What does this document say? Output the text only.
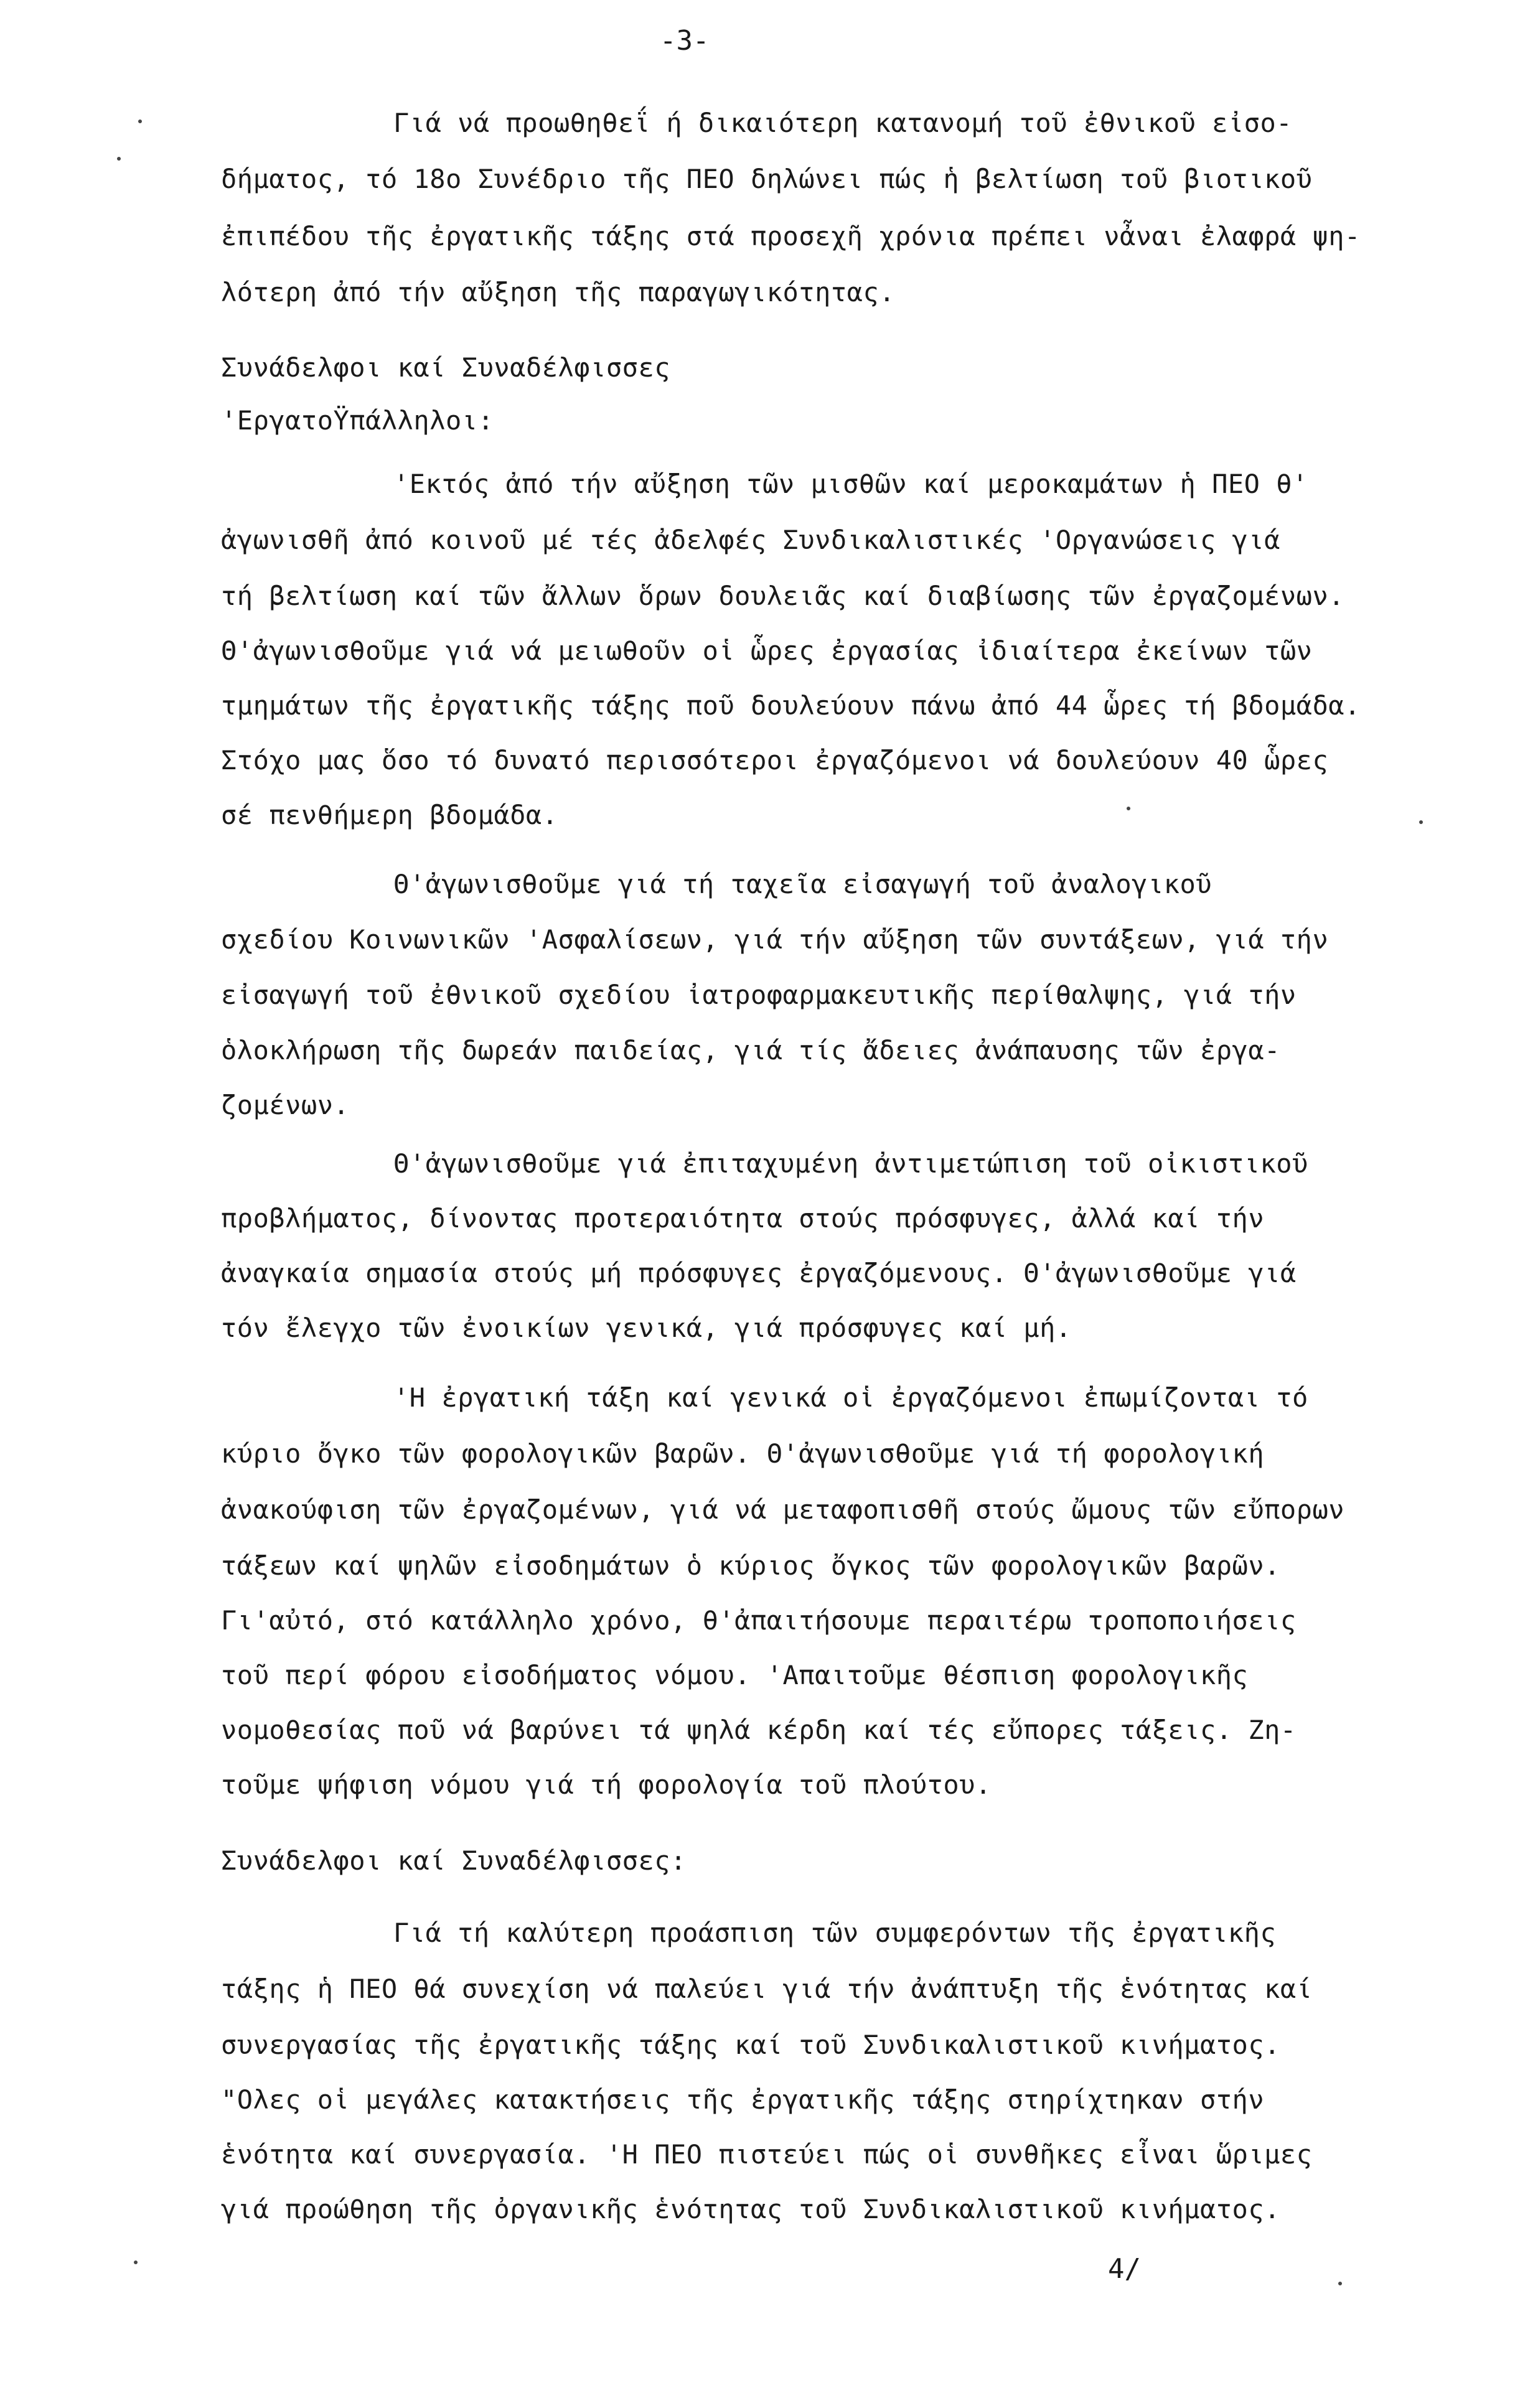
-3-
Γιά νά προωθηθεΐ ή δικαιότερη κατανομή τοῦ ἐθνικοῦ εἰσο-
δήματος, τό 18ο Συνέδριο τῆς ΠΕΟ δηλώνει πώς ἡ βελτίωση τοῦ βιοτικοῦ
ἐπιπέδου τῆς ἐργατικῆς τάξης στά προσεχῆ χρόνια πρέπει νἆναι ἐλαφρά ψη-
λότερη ἀπό τήν αὔξηση τῆς παραγωγικότητας.
Συνάδελφοι καί Συναδέλφισσες
'ΕργατοΫπάλληλοι:
'Εκτός ἀπό τήν αὔξηση τῶν μισθῶν καί μεροκαμάτων ἡ ΠΕΟ θ'
ἀγωνισθῆ ἀπό κοινοῦ μέ τές ἀδελφές Συνδικαλιστικές 'Οργανώσεις γιά
τή βελτίωση καί τῶν ἄλλων ὅρων δουλειᾶς καί διαβίωσης τῶν ἐργαζομένων.
Θ'ἀγωνισθοῦμε γιά νά μειωθοῦν οἱ ὧρες ἐργασίας ἰδιαίτερα ἐκείνων τῶν
τμημάτων τῆς ἐργατικῆς τάξης ποῦ δουλεύουν πάνω ἀπό 44 ὧρες τή βδομάδα.
Στόχο μας ὅσο τό δυνατό περισσότεροι ἐργαζόμενοι νά δουλεύουν 40 ὧρες
σέ πενθήμερη βδομάδα.
Θ'ἀγωνισθοῦμε γιά τή ταχεῖα εἰσαγωγή τοῦ ἀναλογικοῦ
σχεδίου Κοινωνικῶν 'Ασφαλίσεων, γιά τήν αὔξηση τῶν συντάξεων, γιά τήν
εἰσαγωγή τοῦ ἐθνικοῦ σχεδίου ἰατροφαρμακευτικῆς περίθαλψης, γιά τήν
ὁλοκλήρωση τῆς δωρεάν παιδείας, γιά τίς ἄδειες ἀνάπαυσης τῶν ἐργα-
ζομένων.
Θ'ἀγωνισθοῦμε γιά ἐπιταχυμένη ἀντιμετώπιση τοῦ οἰκιστικοῦ
προβλήματος, δίνοντας προτεραιότητα στούς πρόσφυγες, ἀλλά καί τήν
ἀναγκαία σημασία στούς μή πρόσφυγες ἐργαζόμενους. Θ'ἀγωνισθοῦμε γιά
τόν ἔλεγχο τῶν ἐνοικίων γενικά, γιά πρόσφυγες καί μή.
'Η ἐργατική τάξη καί γενικά οἱ ἐργαζόμενοι ἐπωμίζονται τό
κύριο ὄγκο τῶν φορολογικῶν βαρῶν. Θ'ἀγωνισθοῦμε γιά τή φορολογική
ἀνακούφιση τῶν ἐργαζομένων, γιά νά μεταφοπισθῆ στούς ὤμους τῶν εὔπορων
τάξεων καί ψηλῶν εἰσοδημάτων ὁ κύριος ὄγκος τῶν φορολογικῶν βαρῶν.
Γι'αὐτό, στό κατάλληλο χρόνο, θ'ἀπαιτήσουμε περαιτέρω τροποποιήσεις
τοῦ περί φόρου εἰσοδήματος νόμου. 'Απαιτοῦμε θέσπιση φορολογικῆς
νομοθεσίας ποῦ νά βαρύνει τά ψηλά κέρδη καί τές εὔπορες τάξεις. Ζη-
τοῦμε ψήφιση νόμου γιά τή φορολογία τοῦ πλούτου.
Συνάδελφοι καί Συναδέλφισσες:
Γιά τή καλύτερη προάσπιση τῶν συμφερόντων τῆς ἐργατικῆς
τάξης ἡ ΠΕΟ θά συνεχίση νά παλεύει γιά τήν ἀνάπτυξη τῆς ἑνότητας καί
συνεργασίας τῆς ἐργατικῆς τάξης καί τοῦ Συνδικαλιστικοῦ κινήματος.
"Ολες οἱ μεγάλες κατακτήσεις τῆς ἐργατικῆς τάξης στηρίχτηκαν στήν
ἑνότητα καί συνεργασία. 'Η ΠΕΟ πιστεύει πώς οἱ συνθῆκες εἶναι ὥριμες
γιά προώθηση τῆς ὀργανικῆς ἑνότητας τοῦ Συνδικαλιστικοῦ κινήματος.
4/
